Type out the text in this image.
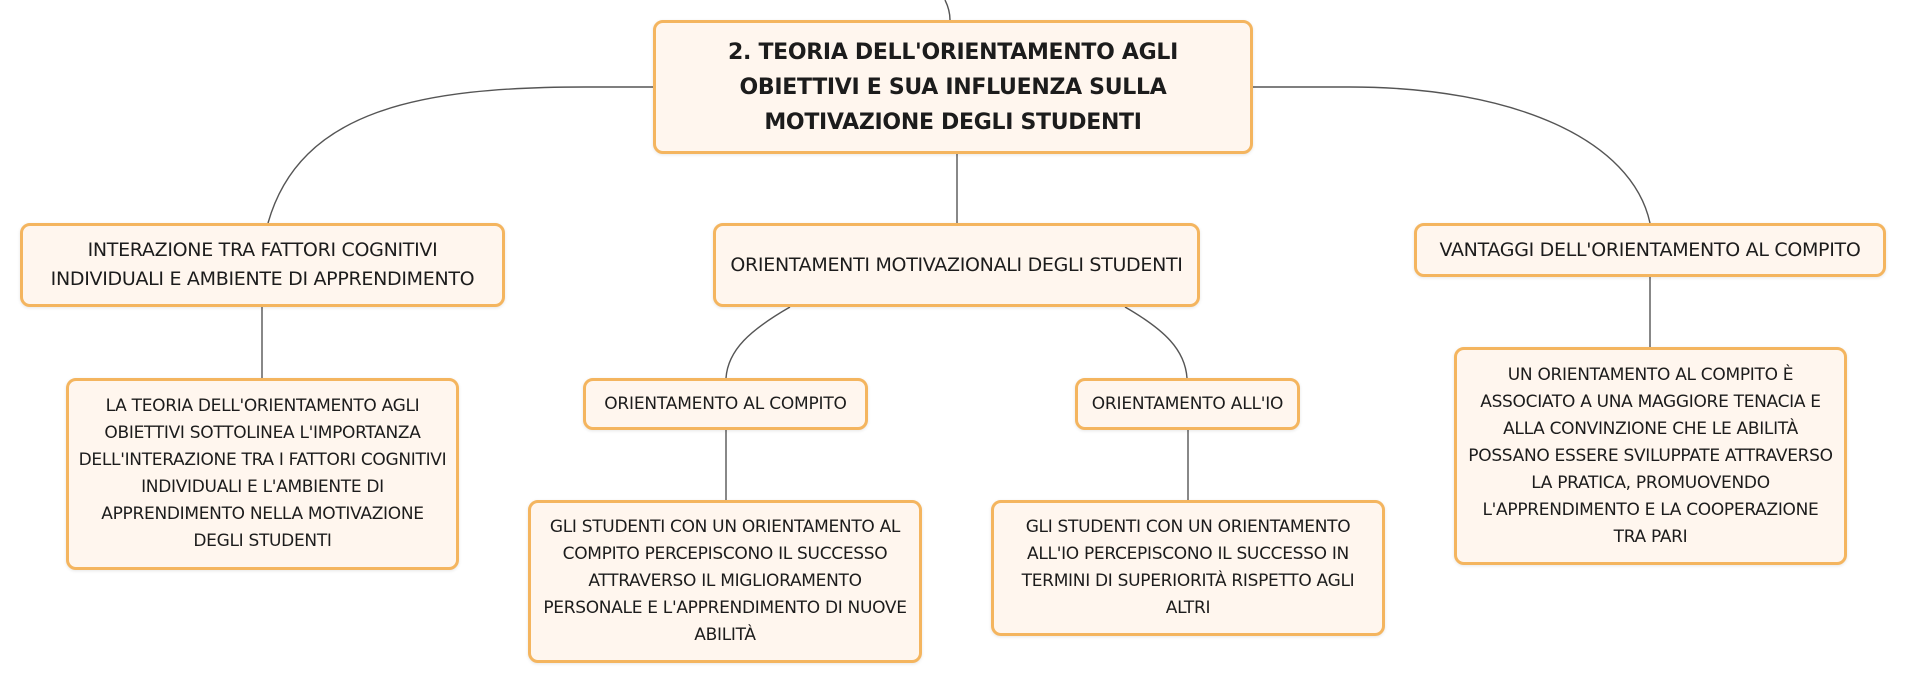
2. TEORIA DELL'ORIENTAMENTO AGLI OBIETTIVI E SUA INFLUENZA SULLA MOTIVAZIONE DEGLI STUDENTI
INTERAZIONE TRA FATTORI COGNITIVI INDIVIDUALI E AMBIENTE DI APPRENDIMENTO
ORIENTAMENTI MOTIVAZIONALI DEGLI STUDENTI
VANTAGGI DELL'ORIENTAMENTO AL COMPITO
LA TEORIA DELL'ORIENTAMENTO AGLI OBIETTIVI SOTTOLINEA L'IMPORTANZA DELL'INTERAZIONE TRA I FATTORI COGNITIVI INDIVIDUALI E L'AMBIENTE DI APPRENDIMENTO NELLA MOTIVAZIONE DEGLI STUDENTI
ORIENTAMENTO AL COMPITO	ORIENTAMENTO ALL'IO
GLI STUDENTI CON UN ORIENTAMENTO AL COMPITO PERCEPISCONO IL SUCCESSO ATTRAVERSO IL MIGLIORAMENTO PERSONALE E L'APPRENDIMENTO DI NUOVE ABILITÀ
GLI STUDENTI CON UN ORIENTAMENTO ALL'IO PERCEPISCONO IL SUCCESSO IN TERMINI DI SUPERIORITÀ RISPETTO AGLI ALTRI
UN ORIENTAMENTO AL COMPITO È ASSOCIATO A UNA MAGGIORE TENACIA E ALLA CONVINZIONE CHE LE ABILITÀ POSSANO ESSERE SVILUPPATE ATTRAVERSO LA PRATICA, PROMUOVENDO L'APPRENDIMENTO E LA COOPERAZIONE TRA PARI
